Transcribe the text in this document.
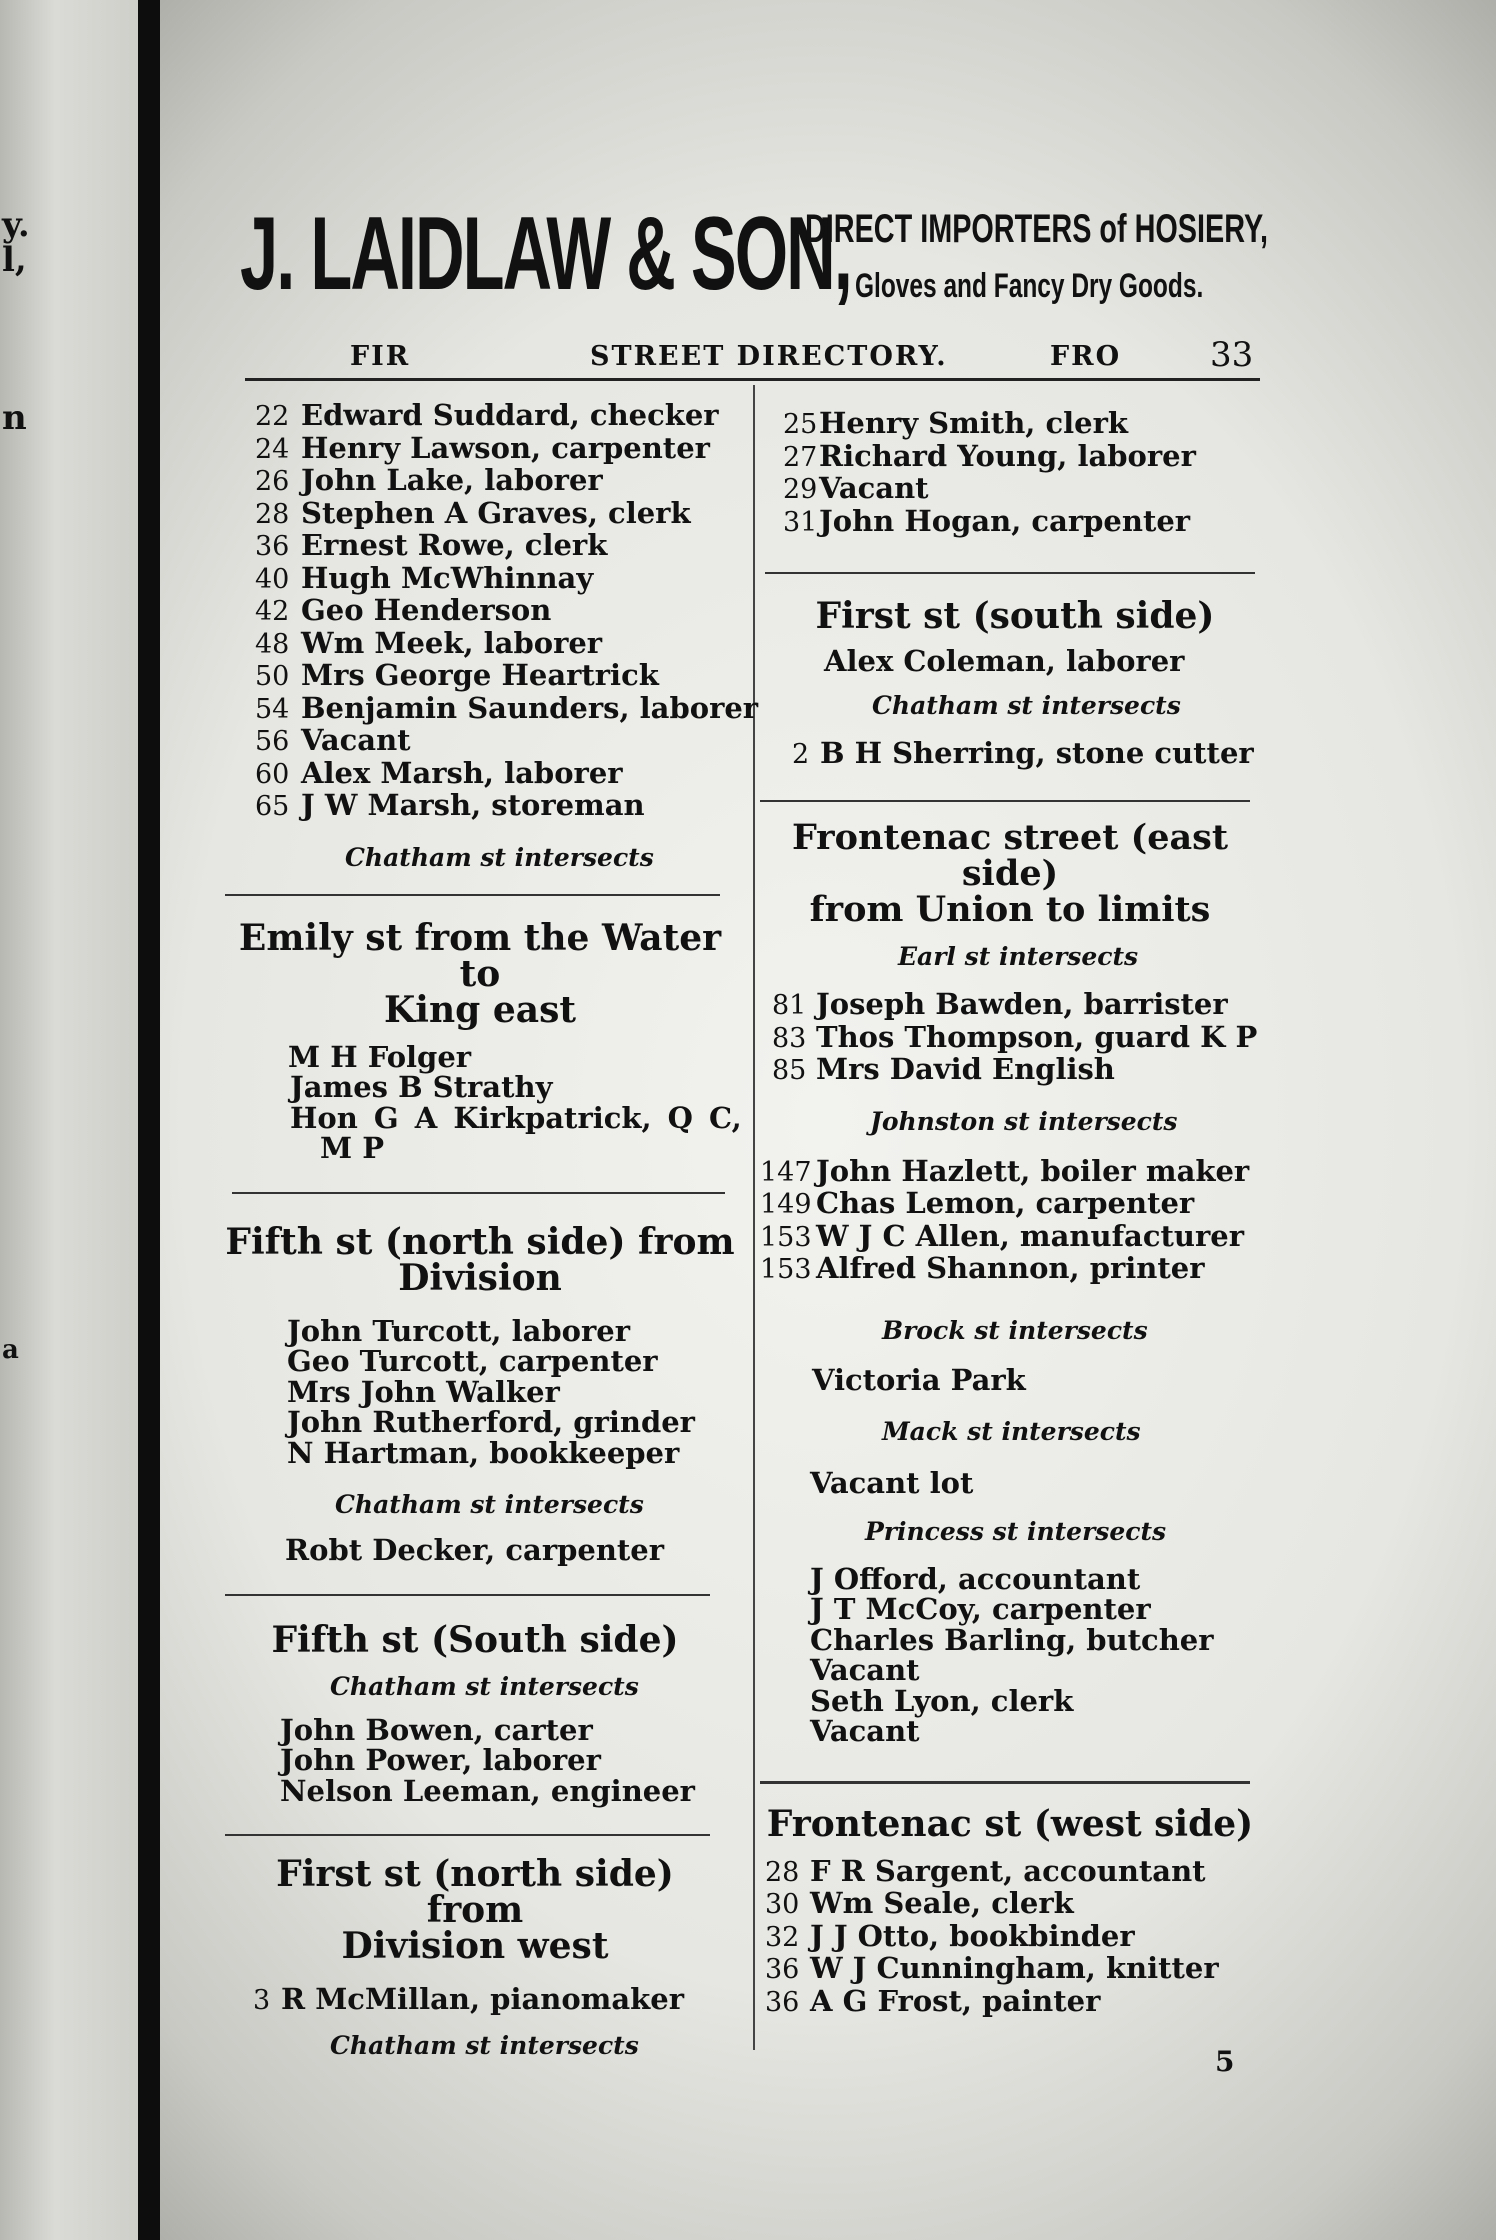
y.
l,
n
a
J. LAIDLAW & SON,
DIRECT IMPORTERS of HOSIERY,
Gloves and Fancy Dry Goods.
FIR	STREET DIRECTORY.	FRO	33
22 Edward Suddard, checker
24 Henry Lawson, carpenter
26 John Lake, laborer
28 Stephen A Graves, clerk
36 Ernest Rowe, clerk
40 Hugh McWhinnay
42 Geo Henderson
48 Wm Meek, laborer
50 Mrs George Heartrick
54 Benjamin Saunders, laborer
56 Vacant
60 Alex Marsh, laborer
65 J W Marsh, storeman
Chatham st intersects
Emily st from the Water to
King east
M H Folger
James B Strathy
Hon G A Kirkpatrick, Q C,
M P
Fifth st (north side) from
Division
John Turcott, laborer
Geo Turcott, carpenter
Mrs John Walker
John Rutherford, grinder
N Hartman, bookkeeper
Chatham st intersects
Robt Decker, carpenter
Fifth st (South side)
Chatham st intersects
John Bowen, carter
John Power, laborer
Nelson Leeman, engineer
First st (north side) from
Division west
3 R McMillan, pianomaker
Chatham st intersects
25Henry Smith, clerk
27Richard Young, laborer
29Vacant
31John Hogan, carpenter
First st (south side)
Alex Coleman, laborer
Chatham st intersects
2 B H Sherring, stone cutter
Frontenac street (east side)
from Union to limits
Earl st intersects
81 Joseph Bawden, barrister
83 Thos Thompson, guard K P
85 Mrs David English
Johnston st intersects
147 John Hazlett, boiler maker
149 Chas Lemon, carpenter
153 W J C Allen, manufacturer
153 Alfred Shannon, printer
Brock st intersects
Victoria Park
Mack st intersects
Vacant lot
Princess st intersects
J Offord, accountant
J T McCoy, carpenter
Charles Barling, butcher
Vacant
Seth Lyon, clerk
Vacant
Frontenac st (west side)
28 F R Sargent, accountant
30 Wm Seale, clerk
32 J J Otto, bookbinder
36 W J Cunningham, knitter
36 A G Frost, painter
5
